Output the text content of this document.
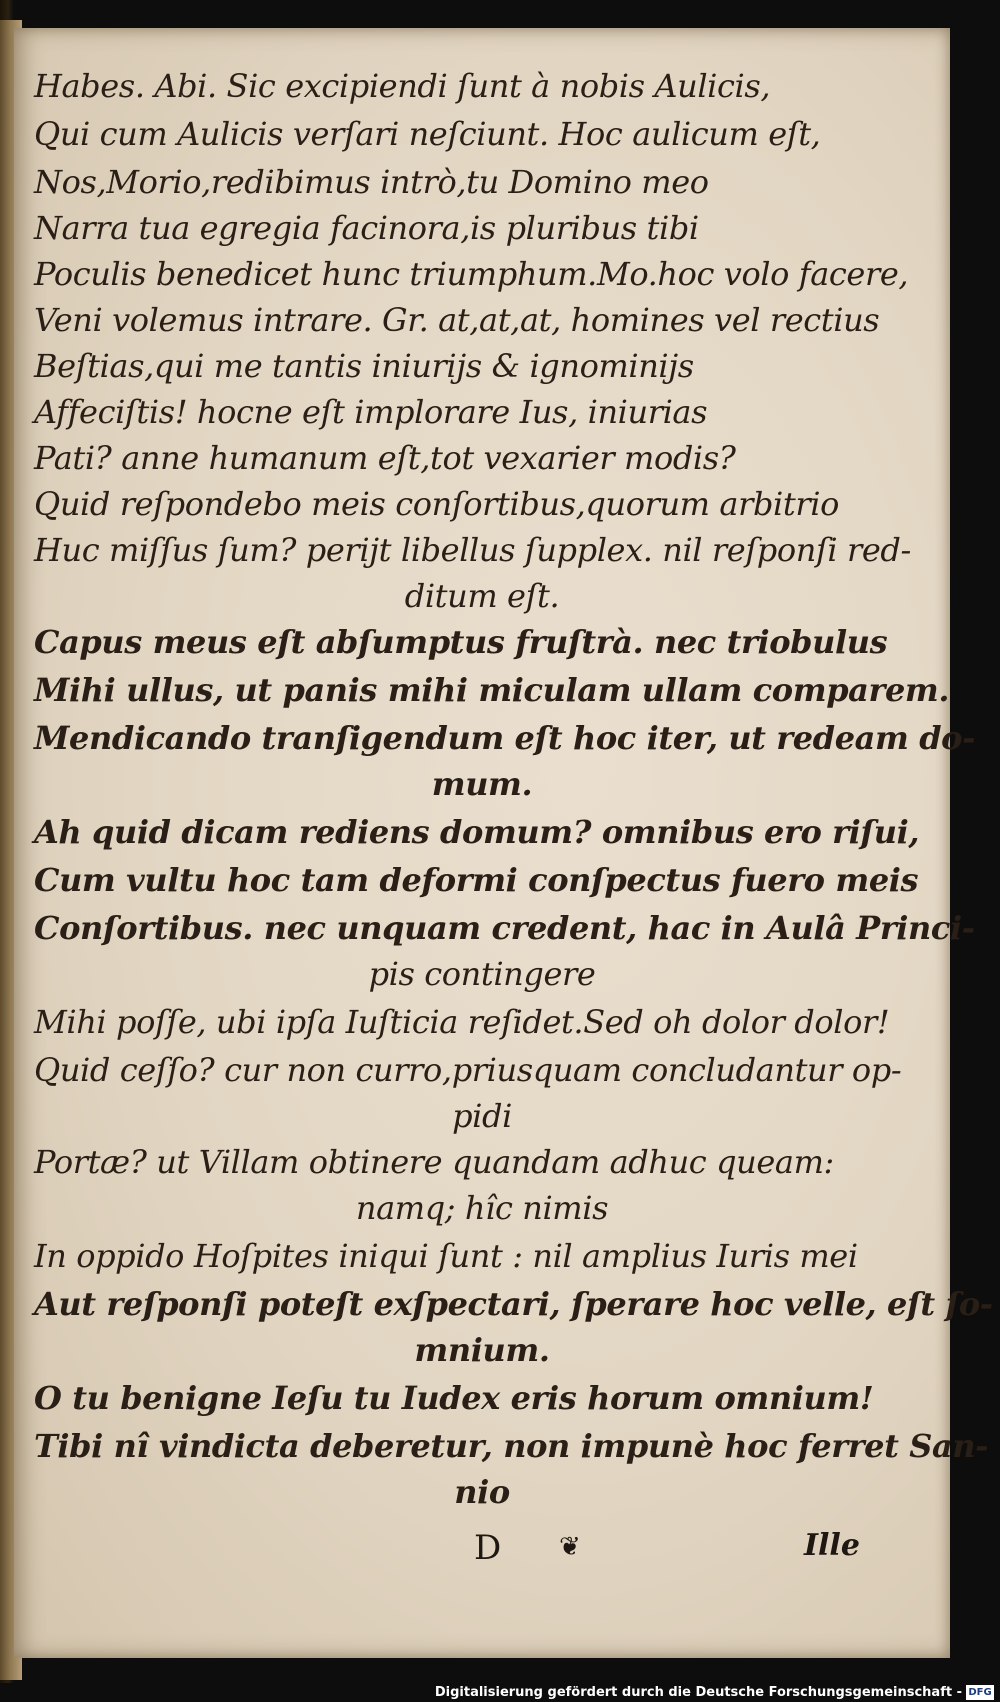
Habes. Abi. Sic excipiendi ſunt à nobis Aulicis,
Qui cum Aulicis verſari neſciunt. Hoc aulicum eſt,
Nos,Morio,redibimus intrò,tu Domino meo
Narra tua egregia facinora,is pluribus tibi
Poculis benedicet hunc triumphum.Mo.hoc volo facere,
Veni volemus intrare. Gr. at,at,at, homines vel rectius
Beſtias,qui me tantis iniurijs & ignominijs
Affeciſtis! hocne eſt implorare Ius, iniurias
Pati? anne humanum eſt,tot vexarier modis?
Quid reſpondebo meis conſortibus,quorum arbitrio
Huc miſſus ſum? perijt libellus ſupplex. nil reſponſi red-
ditum eſt.
Capus meus eſt abſumptus fruſtrà. nec triobulus
Mihi ullus, ut panis mihi miculam ullam comparem.
Mendicando tranſigendum eſt hoc iter, ut redeam do-
mum.
Ah quid dicam rediens domum? omnibus ero riſui,
Cum vultu hoc tam deformi conſpectus fuero meis
Conſortibus. nec unquam credent, hac in Aulâ Princi-
pis contingere
Mihi poſſe, ubi ipſa Iuſticia reſidet.Sed oh dolor dolor!
Quid ceſſo? cur non curro,priusquam concludantur op-
pidi
Portæ? ut Villam obtinere quandam adhuc queam:
namq; hîc nimis
In oppido Hoſpites iniqui ſunt : nil amplius Iuris mei
Aut reſponſi poteſt exſpectari, ſperare hoc velle, eſt ſo-
mnium.
O tu benigne Ieſu tu Iudex eris horum omnium!
Tibi nî vindicta deberetur, non impunè hoc ferret San-
nio
D ❦	Ille
Digitalisierung gefördert durch die Deutsche Forschungsgemeinschaft - DFG
